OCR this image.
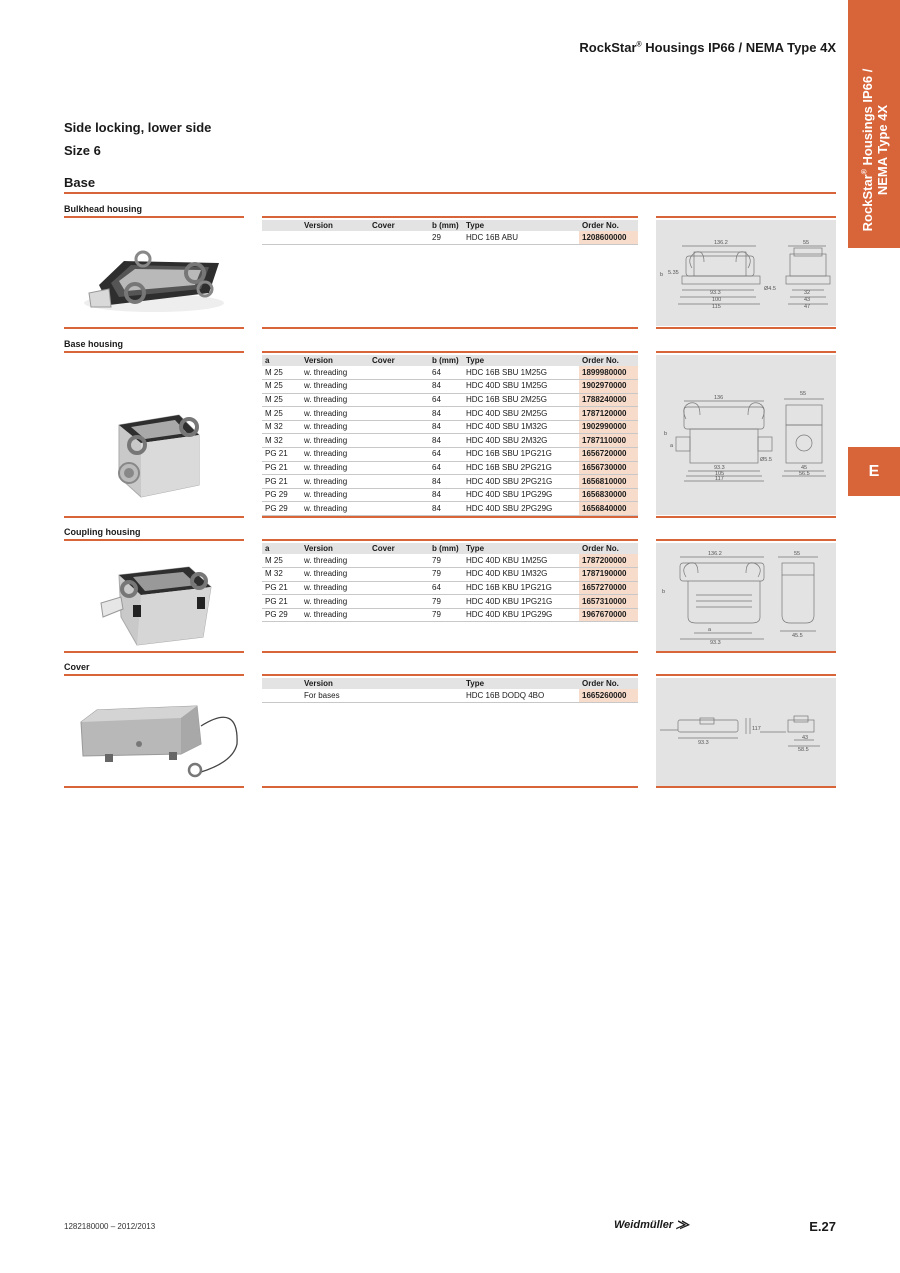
RockStar® Housings IP66 / NEMA Type 4X
RockStar® Housings IP66 /
NEMA Type 4X
E
Side locking, lower side
Size 6
Base
Bulkhead housing
	Version	Cover	b (mm)	Type	Order No.
			29	HDC 16B ABU	1208600000
136.2	55
b 5.35
Ø4.5
93.3
100
115
32
43
47
Base housing
a	Version	Cover	b (mm)	Type	Order No.
M 25	w. threading		64	HDC 16B SBU 1M25G	1899980000
M 25	w. threading		84	HDC 40D SBU 1M25G	1902970000
M 25	w. threading		64	HDC 16B SBU 2M25G	1788240000
M 25	w. threading		84	HDC 40D SBU 2M25G	1787120000
M 32	w. threading		84	HDC 40D SBU 1M32G	1902990000
M 32	w. threading		84	HDC 40D SBU 2M32G	1787110000
PG 21	w. threading		64	HDC 16B SBU 1PG21G	1656720000
PG 21	w. threading		64	HDC 16B SBU 2PG21G	1656730000
PG 21	w. threading		84	HDC 40D SBU 2PG21G	1656810000
PG 29	w. threading		84	HDC 40D SBU 1PG29G	1656830000
PG 29	w. threading		84	HDC 40D SBU 2PG29G	1656840000
136
55
b
a
Ø5.5
93.3
105
117
45
56.5
Coupling housing
a	Version	Cover	b (mm)	Type	Order No.
M 25	w. threading		79	HDC 40D KBU 1M25G	1787200000
M 32	w. threading		79	HDC 40D KBU 1M32G	1787190000
PG 21	w. threading		64	HDC 16B KBU 1PG21G	1657270000
PG 21	w. threading		79	HDC 40D KBU 1PG21G	1657310000
PG 29	w. threading		79	HDC 40D KBU 1PG29G	1967670000
136.2	55
b
a
93.3
45.5
Cover
	Version			Type	Order No.
	For bases			HDC 16B DODQ 4BO	1665260000
93.3
117
43
58.5
1282180000 – 2012/2013	Weidmüller ⨠	E.27
